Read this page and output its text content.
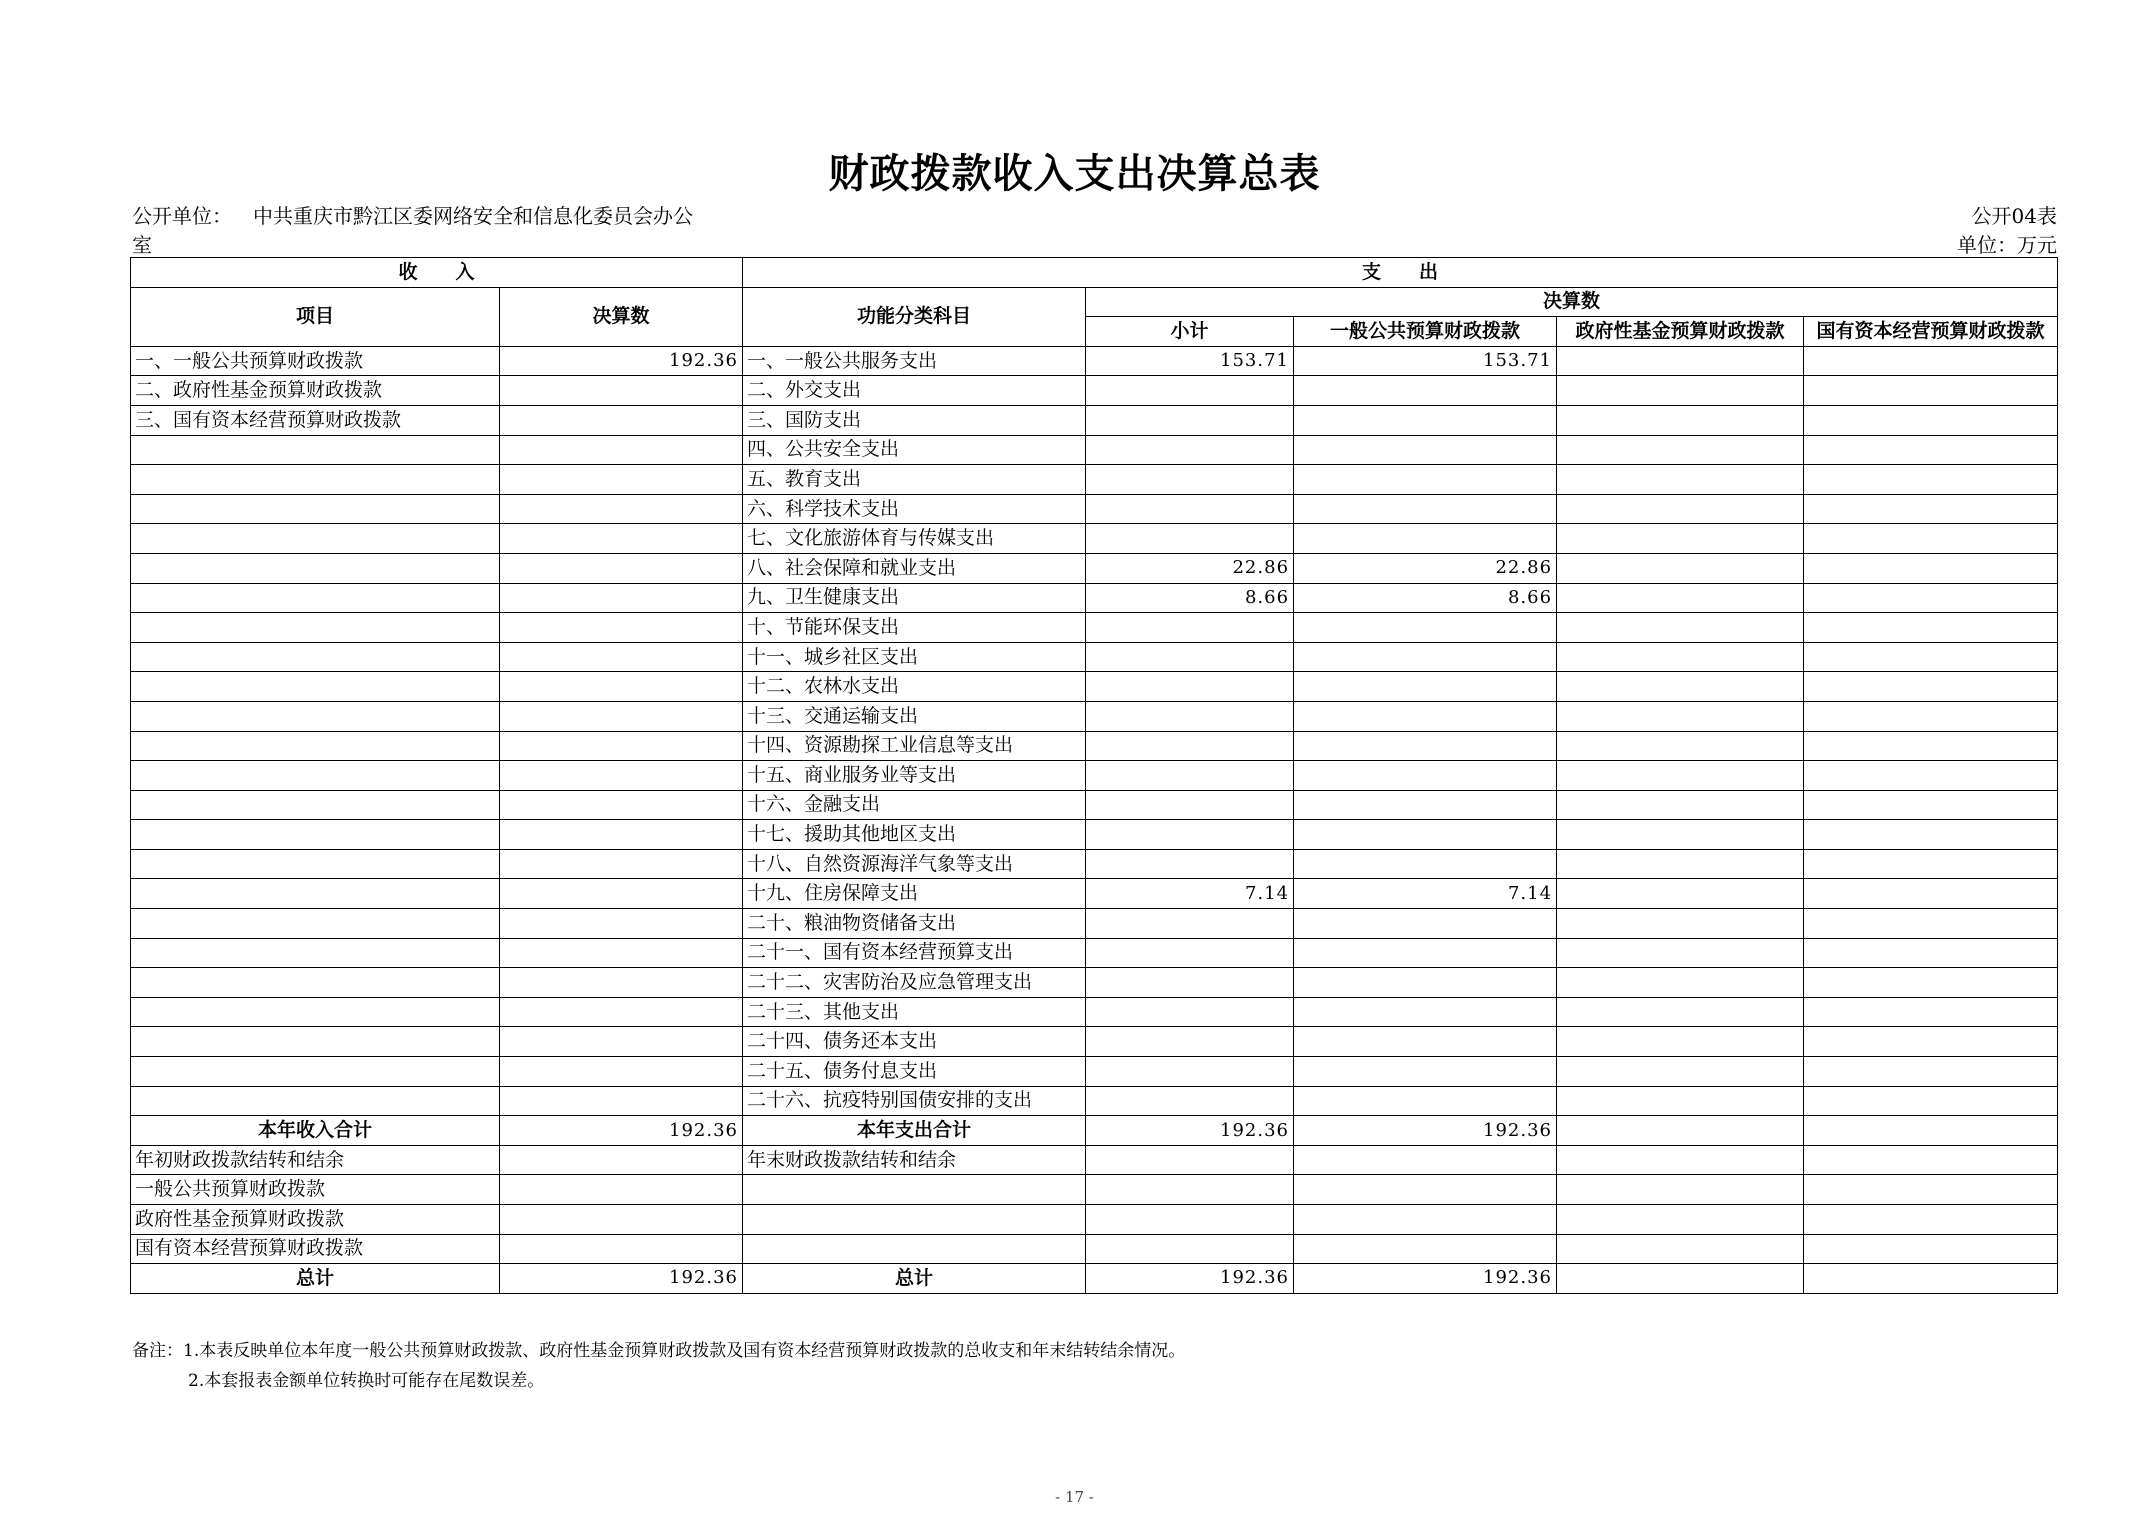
财政拨款收入支出决算总表
公开单位： 中共重庆市黔江区委网络安全和信息化委员会办公
室
公开04表
单位：万元
收　　入		支　　出				
项目	决算数	功能分类科目	决算数			
			小计	一般公共预算财政拨款	政府性基金预算财政拨款	国有资本经营预算财政拨款
一、一般公共预算财政拨款	192.36	一、一般公共服务支出	153.71	153.71		
二、政府性基金预算财政拨款		二、外交支出				
三、国有资本经营预算财政拨款		三、国防支出				
		四、公共安全支出				
		五、教育支出				
		六、科学技术支出				
		七、文化旅游体育与传媒支出				
		八、社会保障和就业支出	22.86	22.86		
		九、卫生健康支出	8.66	8.66		
		十、节能环保支出				
		十一、城乡社区支出				
		十二、农林水支出				
		十三、交通运输支出				
		十四、资源勘探工业信息等支出				
		十五、商业服务业等支出				
		十六、金融支出				
		十七、援助其他地区支出				
		十八、自然资源海洋气象等支出				
		十九、住房保障支出	7.14	7.14		
		二十、粮油物资储备支出				
		二十一、国有资本经营预算支出				
		二十二、灾害防治及应急管理支出				
		二十三、其他支出				
		二十四、债务还本支出				
		二十五、债务付息支出				
		二十六、抗疫特别国债安排的支出				
本年收入合计	192.36	本年支出合计	192.36	192.36		
年初财政拨款结转和结余		年末财政拨款结转和结余				
一般公共预算财政拨款						
政府性基金预算财政拨款						
国有资本经营预算财政拨款						
总计	192.36	总计	192.36	192.36		
备注：1.本表反映单位本年度一般公共预算财政拨款、政府性基金预算财政拨款及国有资本经营预算财政拨款的总收支和年末结转结余情况。
2.本套报表金额单位转换时可能存在尾数误差。
- 17 -
